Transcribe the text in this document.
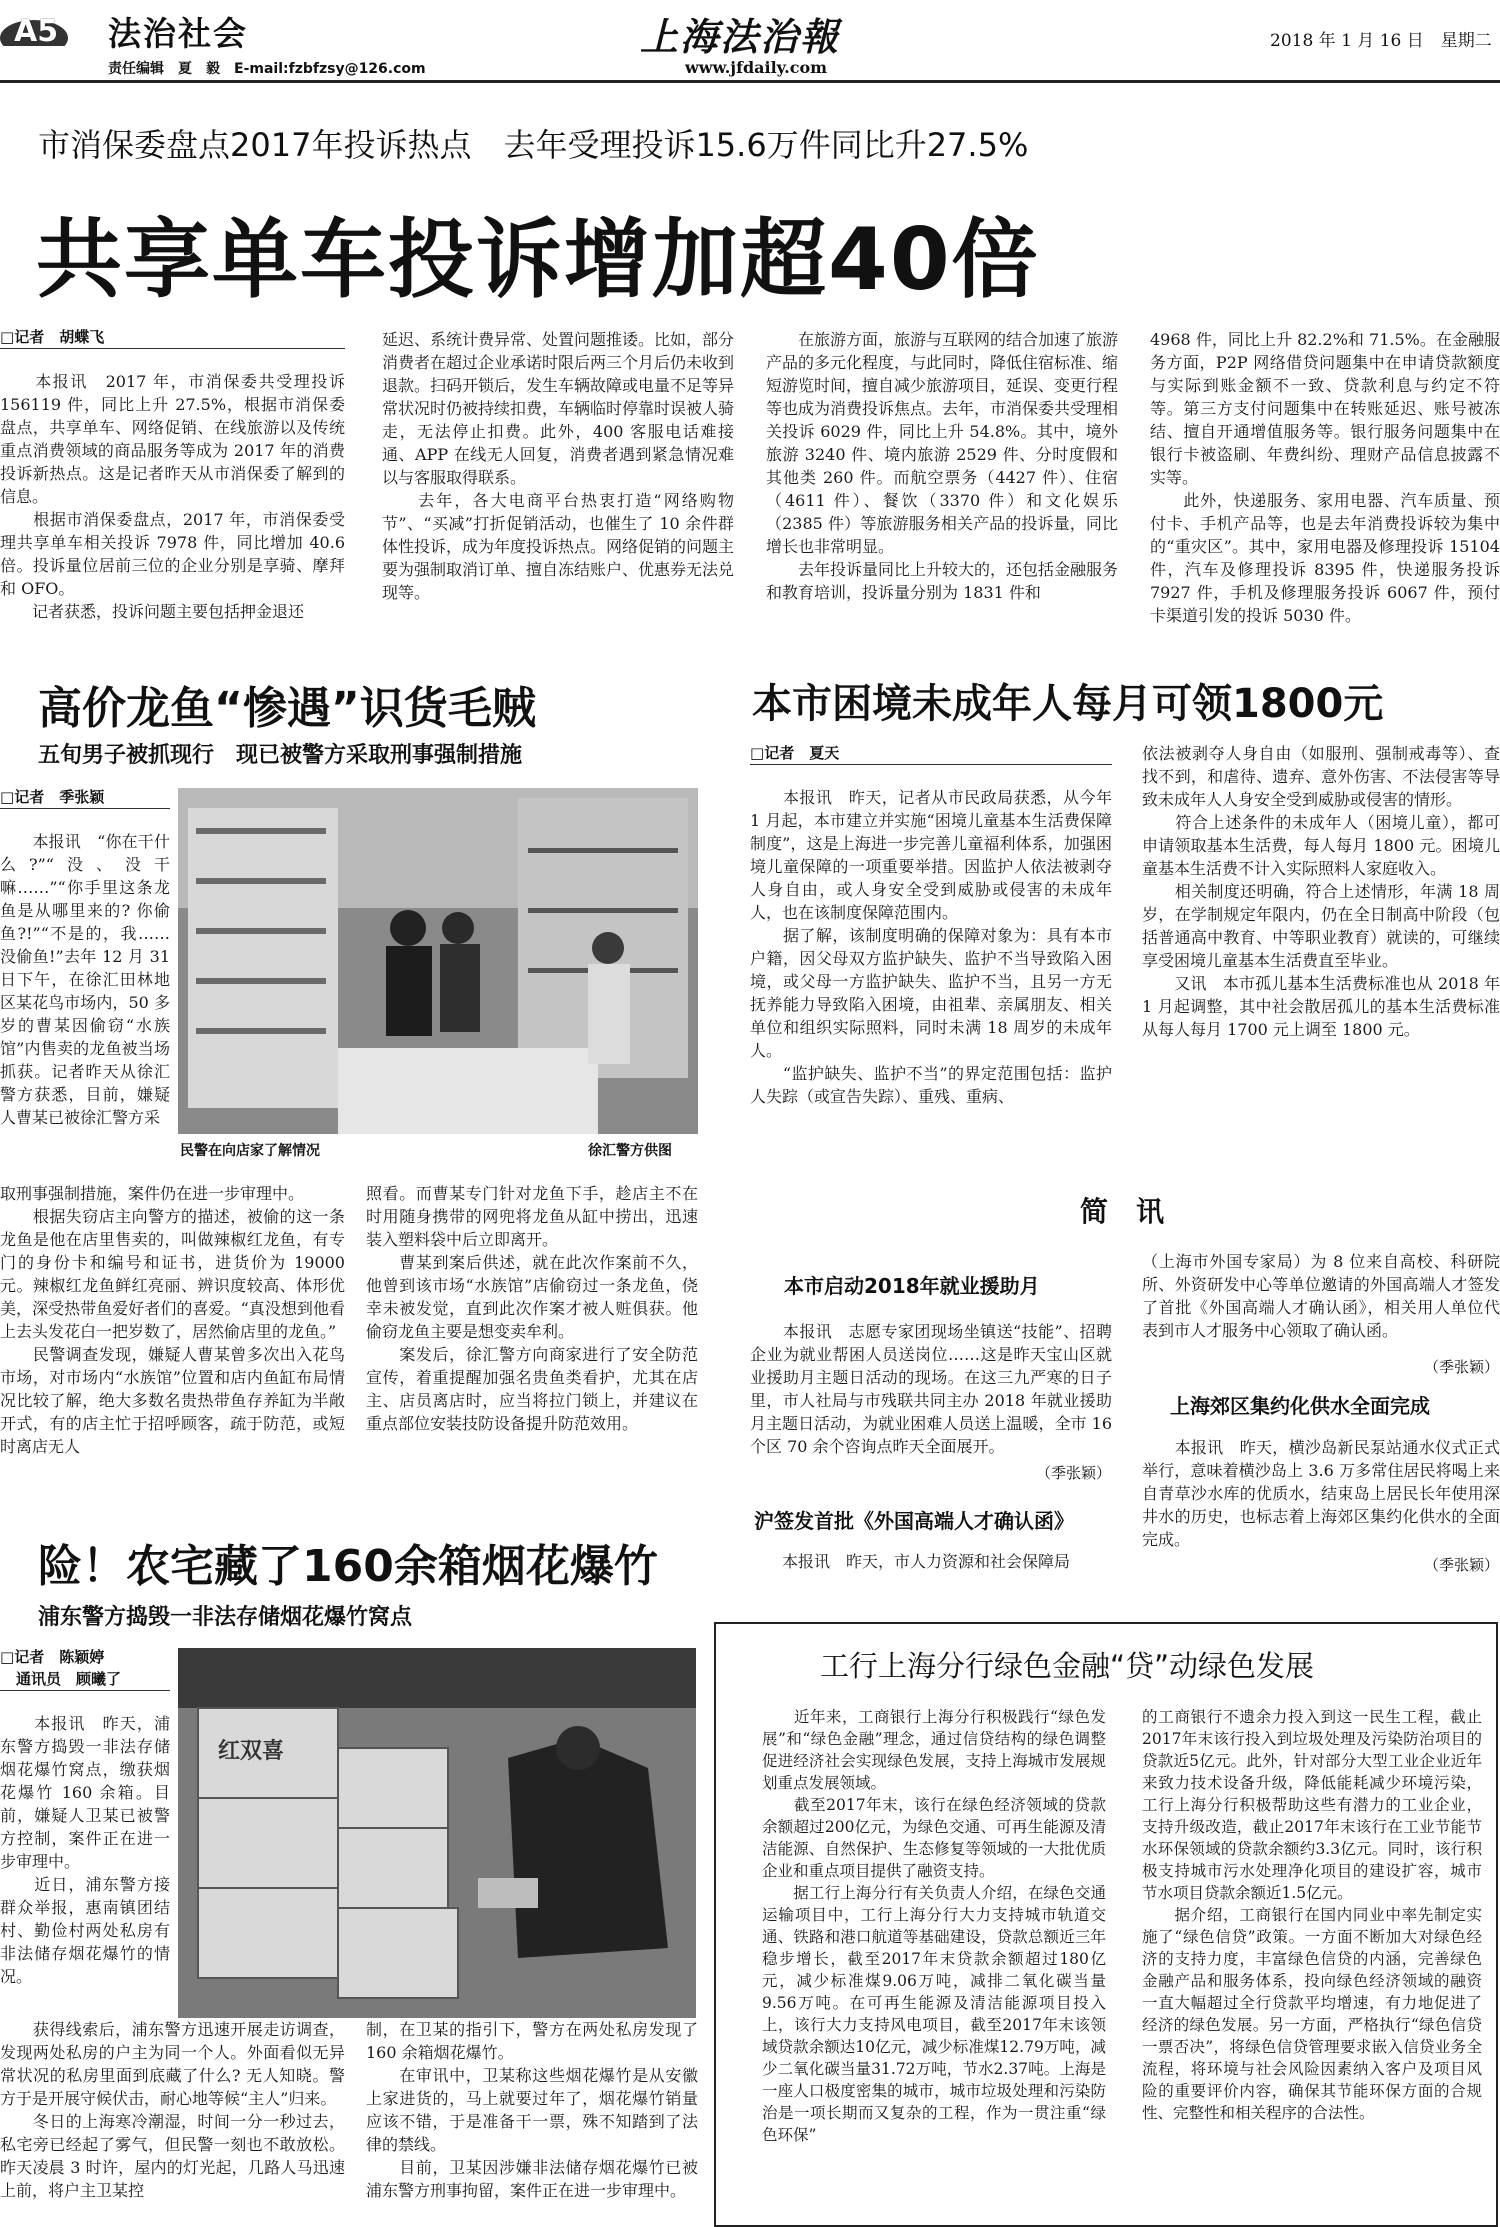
A5 法治社会
责任编辑　夏　毅　E-mail:fzbfzsy@126.com
上海法治報
www.jfdaily.com
2018 年 1 月 16 日　星期二
市消保委盘点2017年投诉热点　去年受理投诉15.6万件同比升27.5%
共享单车投诉增加超40倍
□记者　胡蝶飞
　　本报讯　2017 年，市消保委共受理投诉 156119 件，同比上升 27.5%，根据市消保委盘点，共享单车、网络促销、在线旅游以及传统重点消费领域的商品服务等成为 2017 年的消费投诉新热点。这是记者昨天从市消保委了解到的信息。
　　根据市消保委盘点，2017 年，市消保委受理共享单车相关投诉 7978 件，同比增加 40.6 倍。投诉量位居前三位的企业分别是享骑、摩拜和 OFO。
　　记者获悉，投诉问题主要包括押金退还
延迟、系统计费异常、处置问题推诿。比如，部分消费者在超过企业承诺时限后两三个月后仍未收到退款。扫码开锁后，发生车辆故障或电量不足等异常状况时仍被持续扣费，车辆临时停靠时误被人骑走，无法停止扣费。此外，400 客服电话难接通、APP 在线无人回复，消费者遇到紧急情况难以与客服取得联系。
　　去年，各大电商平台热衷打造“网络购物节”、“买减”打折促销活动，也催生了 10 余件群体性投诉，成为年度投诉热点。网络促销的问题主要为强制取消订单、擅自冻结账户、优惠券无法兑现等。
　　在旅游方面，旅游与互联网的结合加速了旅游产品的多元化程度，与此同时，降低住宿标准、缩短游览时间，擅自减少旅游项目，延误、变更行程等也成为消费投诉焦点。去年，市消保委共受理相关投诉 6029 件，同比上升 54.8%。其中，境外旅游 3240 件、境内旅游 2529 件、分时度假和其他类 260 件。而航空票务（4427 件）、住宿（4611 件）、餐饮（3370 件）和文化娱乐（2385 件）等旅游服务相关产品的投诉量，同比增长也非常明显。
　　去年投诉量同比上升较大的，还包括金融服务和教育培训，投诉量分别为 1831 件和
4968 件，同比上升 82.2%和 71.5%。在金融服务方面，P2P 网络借贷问题集中在申请贷款额度与实际到账金额不一致、贷款利息与约定不符等。第三方支付问题集中在转账延迟、账号被冻结、擅自开通增值服务等。银行服务问题集中在银行卡被盗刷、年费纠纷、理财产品信息披露不实等。
　　此外，快递服务、家用电器、汽车质量、预付卡、手机产品等，也是去年消费投诉较为集中的“重灾区”。其中，家用电器及修理投诉 15104 件，汽车及修理投诉 8395 件，快递服务投诉 7927 件，手机及修理服务投诉 6067 件，预付卡渠道引发的投诉 5030 件。
高价龙鱼“惨遇”识货毛贼
五旬男子被抓现行　现已被警方采取刑事强制措施
□记者　季张颖
　　本报讯　“你在干什么?”“没、没干嘛……”“你手里这条龙鱼是从哪里来的? 你偷鱼?!”“不是的，我……没偷鱼!”去年 12 月 31 日下午，在徐汇田林地区某花鸟市场内，50 多岁的曹某因偷窃“水族馆”内售卖的龙鱼被当场抓获。记者昨天从徐汇警方获悉，目前，嫌疑人曹某已被徐汇警方采
民警在向店家了解情况	徐汇警方供图
取刑事强制措施，案件仍在进一步审理中。
　　根据失窃店主向警方的描述，被偷的这一条龙鱼是他在店里售卖的，叫做辣椒红龙鱼，有专门的身份卡和编号和证书，进货价为 19000 元。辣椒红龙鱼鲜红亮丽、辨识度较高、体形优美，深受热带鱼爱好者们的喜爱。“真没想到他看上去头发花白一把岁数了，居然偷店里的龙鱼。”
　　民警调查发现，嫌疑人曹某曾多次出入花鸟市场，对市场内“水族馆”位置和店内鱼缸布局情况比较了解，绝大多数名贵热带鱼存养缸为半敞开式，有的店主忙于招呼顾客，疏于防范，或短时离店无人
照看。而曹某专门针对龙鱼下手，趁店主不在时用随身携带的网兜将龙鱼从缸中捞出，迅速装入塑料袋中后立即离开。
　　曹某到案后供述，就在此次作案前不久，他曾到该市场“水族馆”店偷窃过一条龙鱼，侥幸未被发觉，直到此次作案才被人赃俱获。他偷窃龙鱼主要是想变卖牟利。
　　案发后，徐汇警方向商家进行了安全防范宣传，着重提醒加强名贵鱼类看护，尤其在店主、店员离店时，应当将拉门锁上，并建议在重点部位安装技防设备提升防范效用。
本市困境未成年人每月可领1800元
□记者　夏天
　　本报讯　昨天，记者从市民政局获悉，从今年 1 月起，本市建立并实施“困境儿童基本生活费保障制度”，这是上海进一步完善儿童福利体系，加强困境儿童保障的一项重要举措。因监护人依法被剥夺人身自由，或人身安全受到威胁或侵害的未成年人，也在该制度保障范围内。
　　据了解，该制度明确的保障对象为：具有本市户籍，因父母双方监护缺失、监护不当导致陷入困境，或父母一方监护缺失、监护不当，且另一方无抚养能力导致陷入困境，由祖辈、亲属朋友、相关单位和组织实际照料，同时未满 18 周岁的未成年人。
　　“监护缺失、监护不当”的界定范围包括：监护人失踪（或宣告失踪）、重残、重病、
依法被剥夺人身自由（如服刑、强制戒毒等）、查找不到，和虐待、遗弃、意外伤害、不法侵害等导致未成年人人身安全受到威胁或侵害的情形。
　　符合上述条件的未成年人（困境儿童），都可申请领取基本生活费，每人每月 1800 元。困境儿童基本生活费不计入实际照料人家庭收入。
　　相关制度还明确，符合上述情形，年满 18 周岁，在学制规定年限内，仍在全日制高中阶段（包括普通高中教育、中等职业教育）就读的，可继续享受困境儿童基本生活费直至毕业。
　　又讯　本市孤儿基本生活费标准也从 2018 年 1 月起调整，其中社会散居孤儿的基本生活费标准从每人每月 1700 元上调至 1800 元。
简　讯
本市启动2018年就业援助月
　　本报讯　志愿专家团现场坐镇送“技能”、招聘企业为就业帮困人员送岗位……这是昨天宝山区就业援助月主题日活动的现场。在这三九严寒的日子里，市人社局与市残联共同主办 2018 年就业援助月主题日活动，为就业困难人员送上温暖，全市 16 个区 70 余个咨询点昨天全面展开。
（季张颖）
沪签发首批《外国高端人才确认函》
　　本报讯　昨天，市人力资源和社会保障局
（上海市外国专家局）为 8 位来自高校、科研院所、外资研发中心等单位邀请的外国高端人才签发了首批《外国高端人才确认函》，相关用人单位代表到市人才服务中心领取了确认函。
（季张颖）
上海郊区集约化供水全面完成
　　本报讯　昨天，横沙岛新民泵站通水仪式正式举行，意味着横沙岛上 3.6 万多常住居民将喝上来自青草沙水库的优质水，结束岛上居民长年使用深井水的历史，也标志着上海郊区集约化供水的全面完成。
（季张颖）
险！农宅藏了160余箱烟花爆竹
浦东警方捣毁一非法存储烟花爆竹窝点
□记者　陈颖婷
通讯员　顾曦了
　　本报讯　昨天，浦东警方捣毁一非法存储烟花爆竹窝点，缴获烟花爆竹 160 余箱。目前，嫌疑人卫某已被警方控制，案件正在进一步审理中。
　　近日，浦东警方接群众举报，惠南镇团结村、勤俭村两处私房有非法储存烟花爆竹的情况。
红双喜
　　获得线索后，浦东警方迅速开展走访调查，发现两处私房的户主为同一个人。外面看似无异常状况的私房里面到底藏了什么? 无人知晓。警方于是开展守候伏击，耐心地等候“主人”归来。
　　冬日的上海寒冷潮湿，时间一分一秒过去，私宅旁已经起了雾气，但民警一刻也不敢放松。昨天凌晨 3 时许，屋内的灯光起，几路人马迅速上前，将户主卫某控
制，在卫某的指引下，警方在两处私房发现了 160 余箱烟花爆竹。
　　在审讯中，卫某称这些烟花爆竹是从安徽上家进货的，马上就要过年了，烟花爆竹销量应该不错，于是准备干一票，殊不知踏到了法律的禁线。
　　目前，卫某因涉嫌非法储存烟花爆竹已被浦东警方刑事拘留，案件正在进一步审理中。
工行上海分行绿色金融“贷”动绿色发展
　　近年来，工商银行上海分行积极践行“绿色发展”和“绿色金融”理念，通过信贷结构的绿色调整促进经济社会实现绿色发展，支持上海城市发展规划重点发展领域。
　　截至2017年末，该行在绿色经济领域的贷款余额超过200亿元，为绿色交通、可再生能源及清洁能源、自然保护、生态修复等领域的一大批优质企业和重点项目提供了融资支持。
　　据工行上海分行有关负责人介绍，在绿色交通运输项目中，工行上海分行大力支持城市轨道交通、铁路和港口航道等基础建设，贷款总额近三年稳步增长，截至2017年末贷款余额超过180亿元，减少标准煤9.06万吨，减排二氧化碳当量9.56万吨。在可再生能源及清洁能源项目投入上，该行大力支持风电项目，截至2017年末该领域贷款余额达10亿元，减少标准煤12.79万吨，减少二氧化碳当量31.72万吨，节水2.37吨。上海是一座人口极度密集的城市，城市垃圾处理和污染防治是一项长期而又复杂的工程，作为一贯注重“绿色环保”
的工商银行不遗余力投入到这一民生工程，截止2017年末该行投入到垃圾处理及污染防治项目的贷款近5亿元。此外，针对部分大型工业企业近年来致力技术设备升级，降低能耗减少环境污染，工行上海分行积极帮助这些有潜力的工业企业，支持升级改造，截止2017年末该行在工业节能节水环保领域的贷款余额约3.3亿元。同时，该行积极支持城市污水处理净化项目的建设扩容，城市节水项目贷款余额近1.5亿元。
　　据介绍，工商银行在国内同业中率先制定实施了“绿色信贷”政策。一方面不断加大对绿色经济的支持力度，丰富绿色信贷的内涵，完善绿色金融产品和服务体系，投向绿色经济领域的融资一直大幅超过全行贷款平均增速，有力地促进了经济的绿色发展。另一方面，严格执行“绿色信贷一票否决”，将绿色信贷管理要求嵌入信贷业务全流程，将环境与社会风险因素纳入客户及项目风险的重要评价内容，确保其节能环保方面的合规性、完整性和相关程序的合法性。
